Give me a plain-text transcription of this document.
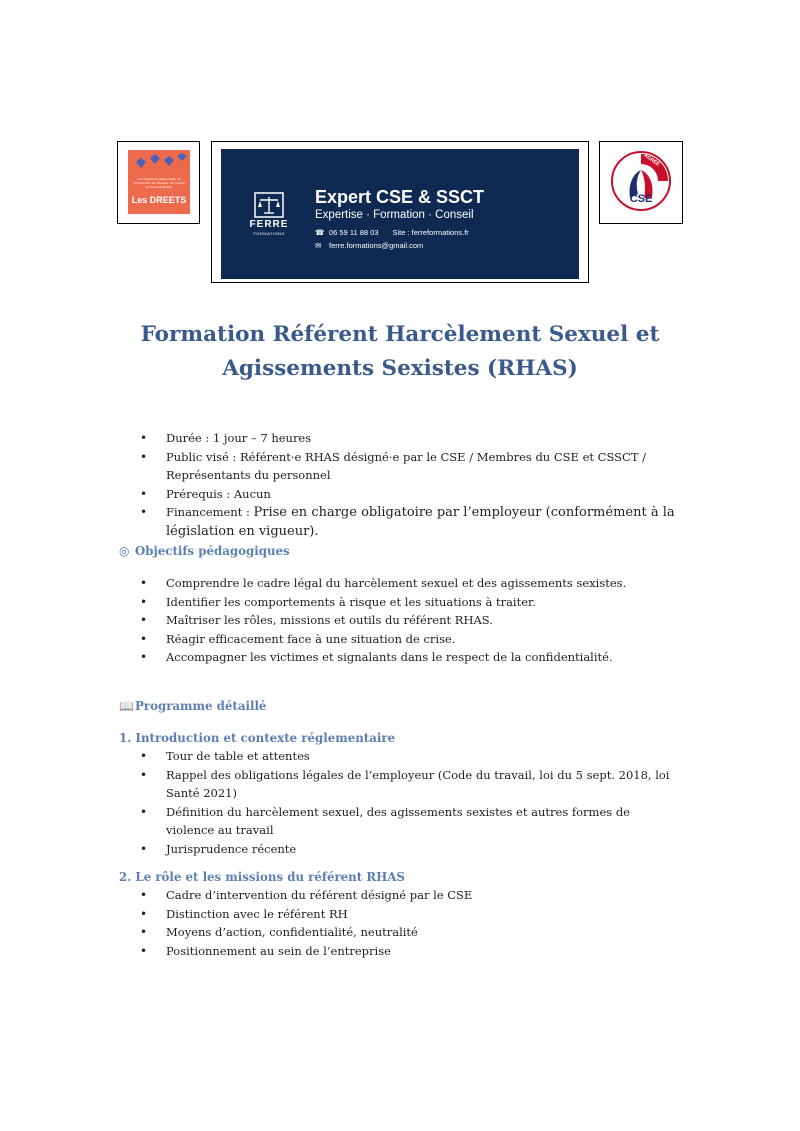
Les Directions Régionales de l'Économie, de l'Emploi, du Travail et des Solidarités
Les DREETS
FERRE
FORMATIONS
Expert CSE & SSCT
Expertise · Formation · Conseil
☎ 06 59 11 88 03 Site : ferreformations.fr
✉ ferre.formations@gmail.com
CSE
AGRÉÉ
Formation Référent Harcèlement Sexuel et
Agissements Sexistes (RHAS)
• Durée : 1 jour – 7 heures
• Public visé : Référent·e RHAS désigné·e par le CSE / Membres du CSE et CSSCT / Représentants du personnel
• Prérequis : Aucun
• Financement : Prise en charge obligatoire par l’employeur (conformément à la législation en vigueur).
◎ Objectifs pédagogiques
• Comprendre le cadre légal du harcèlement sexuel et des agissements sexistes.
• Identifier les comportements à risque et les situations à traiter.
• Maîtriser les rôles, missions et outils du référent RHAS.
• Réagir efficacement face à une situation de crise.
• Accompagner les victimes et signalants dans le respect de la confidentialité.
📖Programme détaillé
1. Introduction et contexte réglementaire
• Tour de table et attentes
• Rappel des obligations légales de l’employeur (Code du travail, loi du 5 sept. 2018, loi Santé 2021)
• Définition du harcèlement sexuel, des agissements sexistes et autres formes de violence au travail
• Jurisprudence récente
2. Le rôle et les missions du référent RHAS
• Cadre d’intervention du référent désigné par le CSE
• Distinction avec le référent RH
• Moyens d’action, confidentialité, neutralité
• Positionnement au sein de l’entreprise
